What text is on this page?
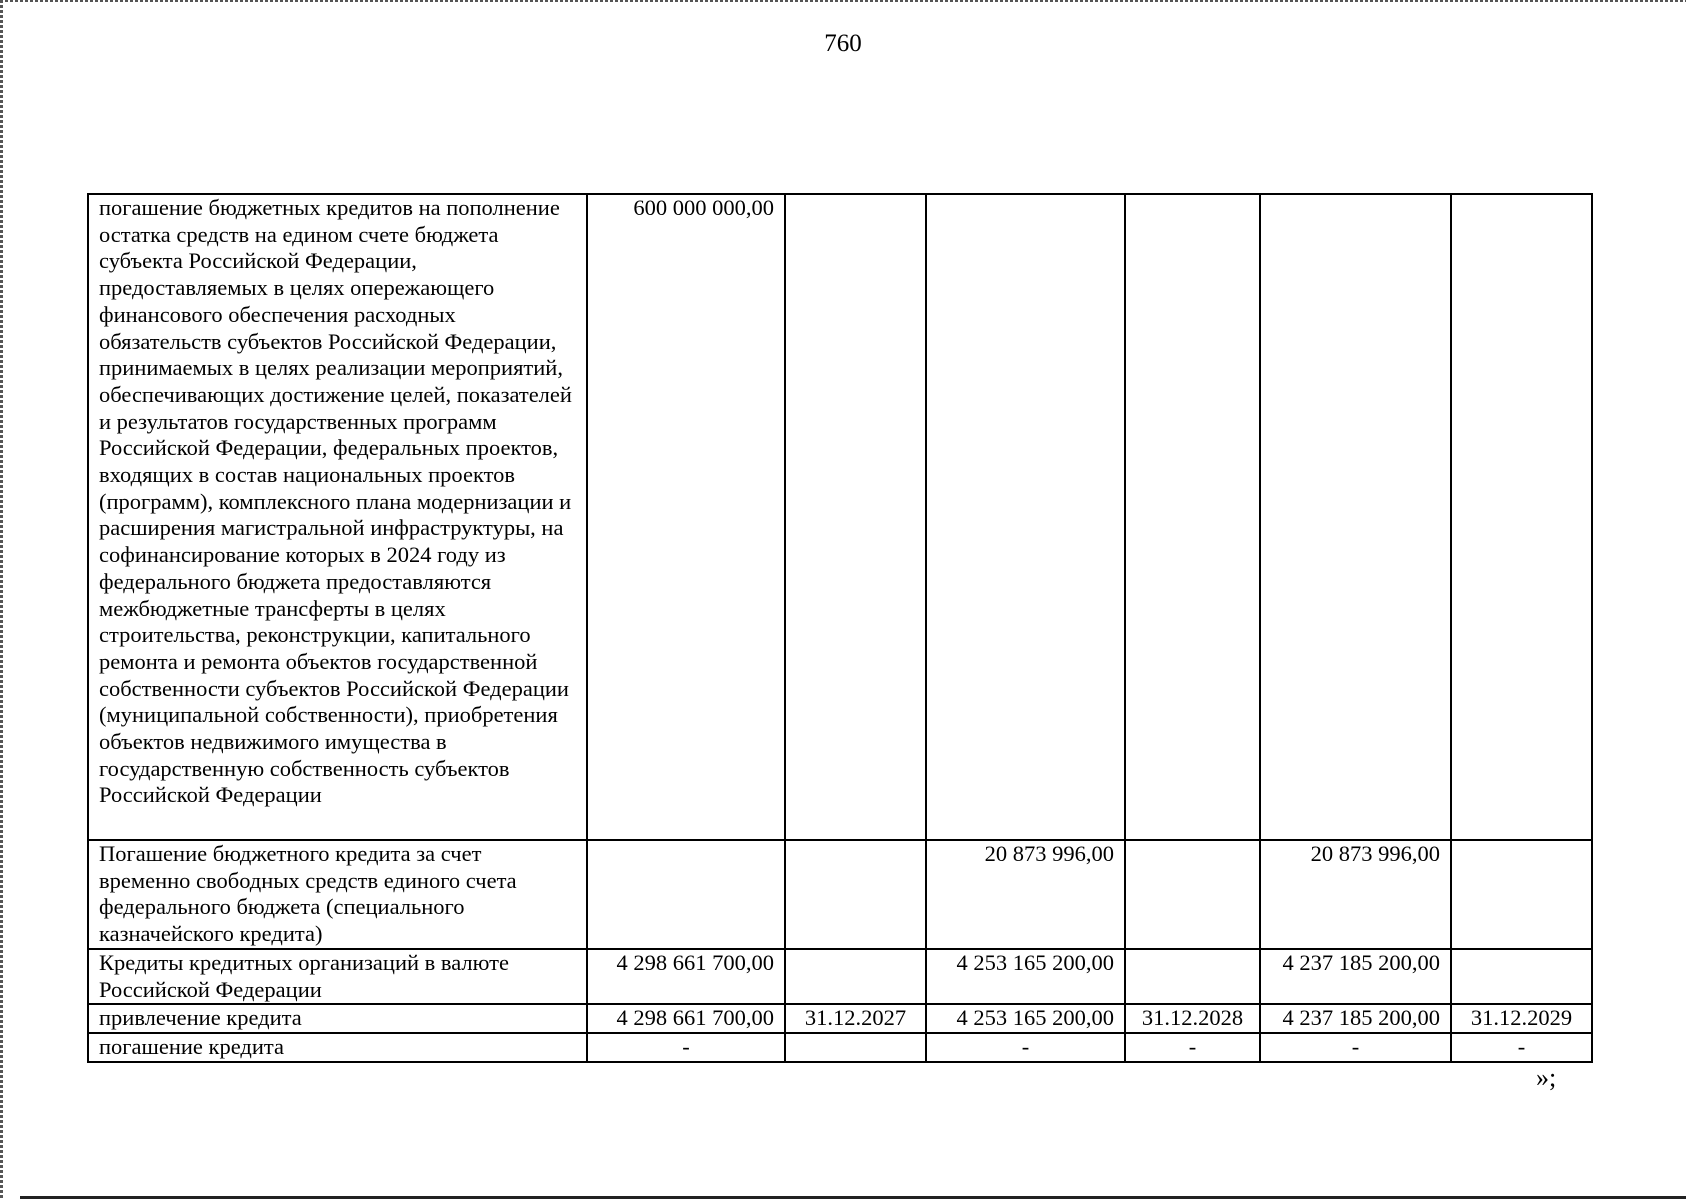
760
погашение бюджетных кредитов на пополнение остатка средств на едином счете бюджета субъекта Российской Федерации, предоставляемых в целях опережающего финансового обеспечения расходных обязательств субъектов Российской Федерации, принимаемых в целях реализации мероприятий, обеспечивающих достижение целей, показателей и результатов государственных программ Российской Федерации, федеральных проектов, входящих в состав национальных проектов (программ), комплексного плана модернизации и расширения магистральной инфраструктуры, на софинансирование которых в 2024 году из федерального бюджета предоставляются межбюджетные трансферты в целях строительства, реконструкции, капитального ремонта и ремонта объектов государственной собственности субъектов Российской Федерации (муниципальной собственности), приобретения объектов недвижимого имущества в государственную собственность субъектов Российской Федерации	600 000 000,00					
Погашение бюджетного кредита за счет временно свободных средств единого счета федерального бюджета (специального казначейского кредита)			20 873 996,00		20 873 996,00	
Кредиты кредитных организаций в валюте Российской Федерации	4 298 661 700,00		4 253 165 200,00		4 237 185 200,00	
привлечение кредита	4 298 661 700,00	31.12.2027	4 253 165 200,00	31.12.2028	4 237 185 200,00	31.12.2029
погашение кредита	-		-	-	-	-
»;
